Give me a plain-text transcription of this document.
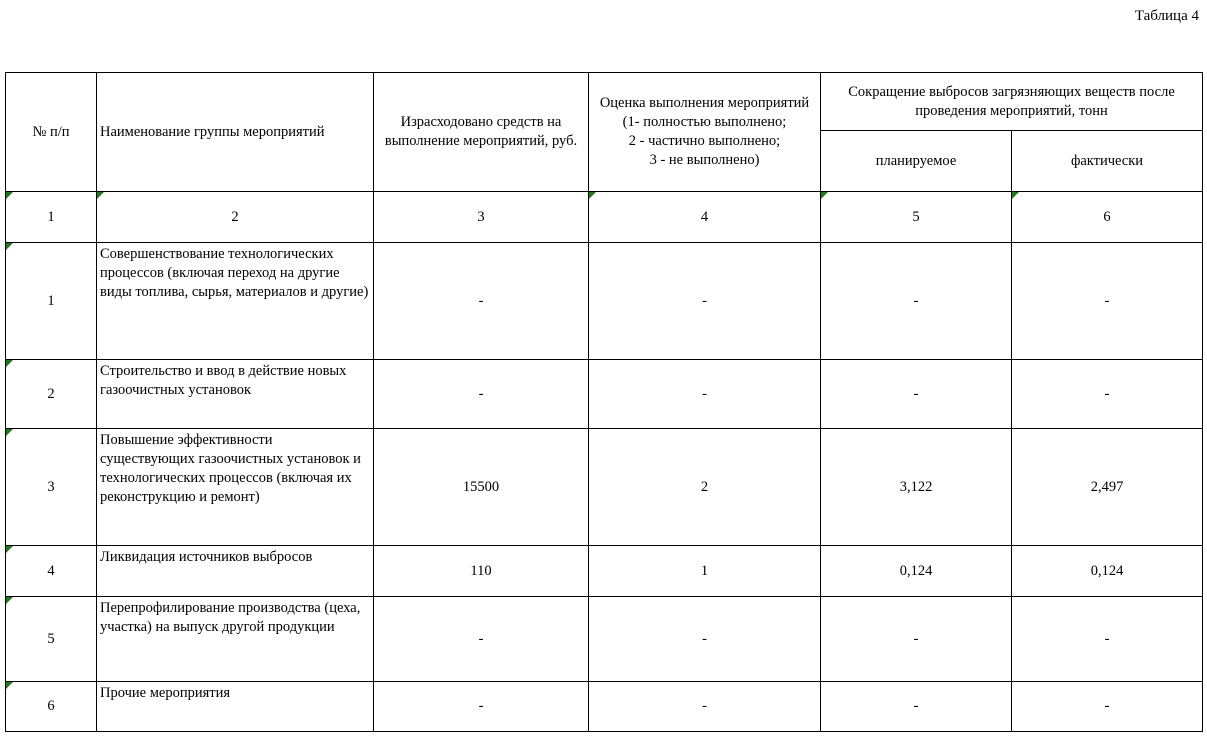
Таблица 4
№ п/п	Наименование группы мероприятий	Израсходовано средств на выполнение мероприятий, руб.	Оценка выполнения мероприятий (1- полностью выполнено;
2 - частично выполнено;
3 - не выполнено)	Сокращение выбросов загрязняющих веществ после проведения мероприятий, тонн	
				планируемое	фактически
1	2	3	4	5	6
1	Совершенствование технологических процессов (включая переход на другие виды топлива, сырья, материалов и другие)	-	-	-	-
2	Строительство и ввод в действие новых газоочистных установок	-	-	-	-
3	Повышение эффективности существующих газоочистных установок и технологических процессов (включая их реконструкцию и ремонт)	15500	2	3,122	2,497
4	Ликвидация источников выбросов	110	1	0,124	0,124
5	Перепрофилирование производства (цеха, участка) на выпуск другой продукции	-	-	-	-
6	Прочие мероприятия	-	-	-	-
